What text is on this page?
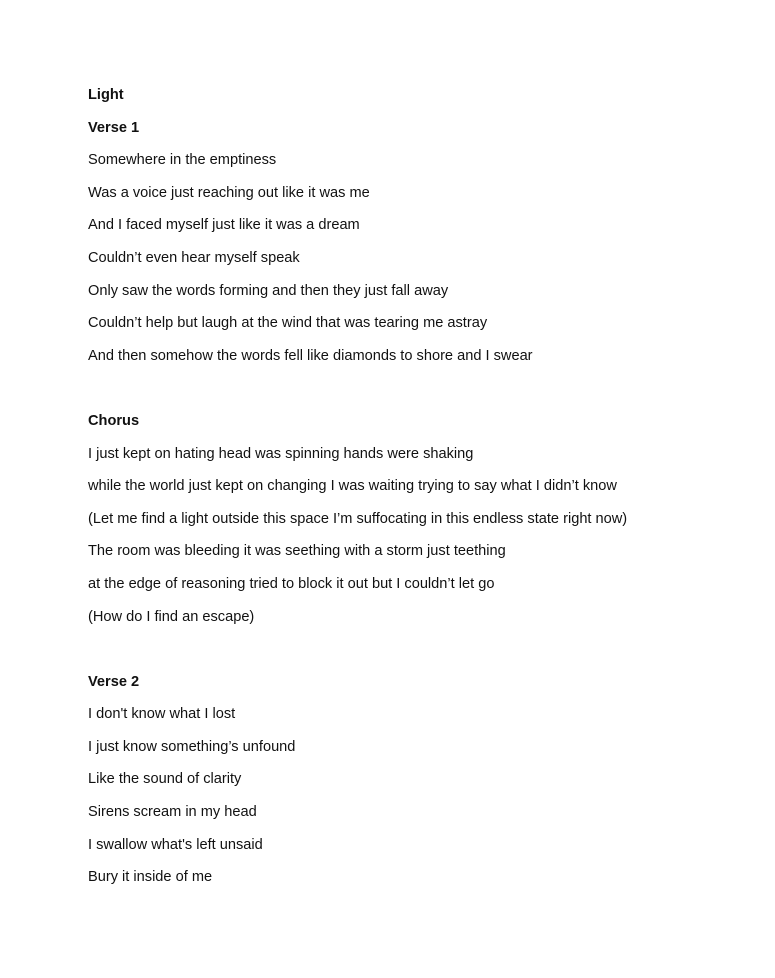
Light
Verse 1
Somewhere in the emptiness
Was a voice just reaching out like it was me
And I faced myself just like it was a dream
Couldn’t even hear myself speak
Only saw the words forming and then they just fall away
Couldn’t help but laugh at the wind that was tearing me astray
And then somehow the words fell like diamonds to shore and I swear
Chorus
I just kept on hating head was spinning hands were shaking
while the world just kept on changing I was waiting trying to say what I didn’t know
(Let me find a light outside this space I’m suffocating in this endless state right now)
The room was bleeding it was seething with a storm just teething
at the edge of reasoning tried to block it out but I couldn’t let go
(How do I find an escape)
Verse 2
I don't know what I lost
I just know something’s unfound
Like the sound of clarity
Sirens scream in my head
I swallow what's left unsaid
Bury it inside of me
